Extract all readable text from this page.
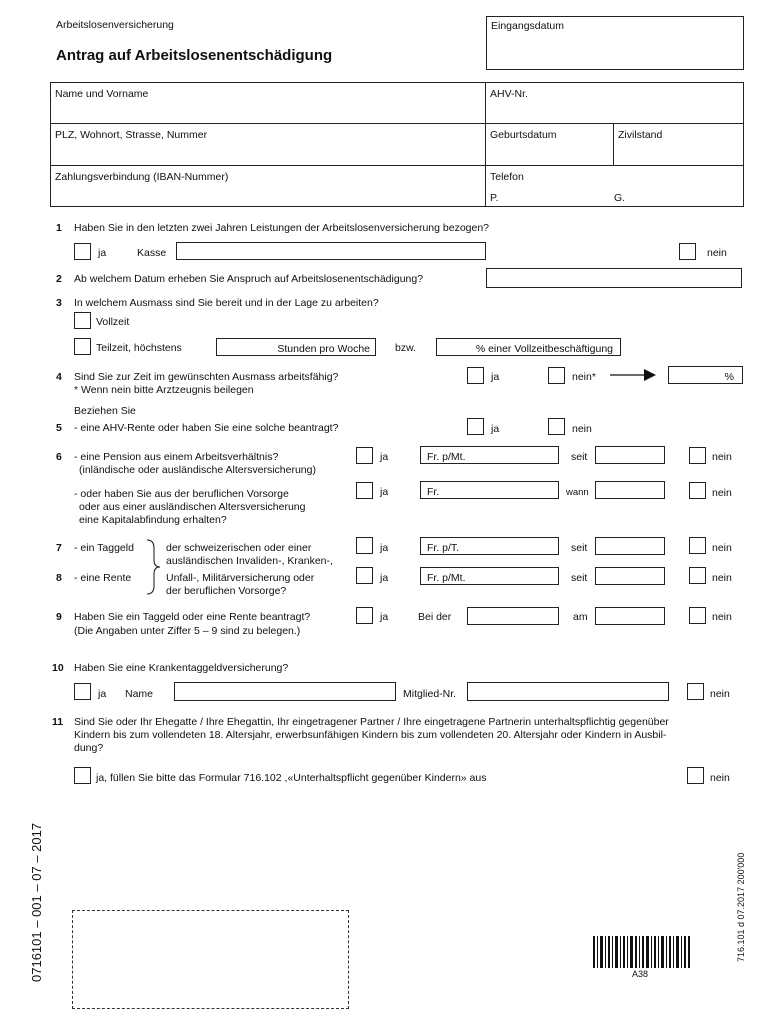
Arbeitslosenversicherung
Antrag auf Arbeitslosenentschädigung
Eingangsdatum
Name und Vorname	AHV-Nr.
PLZ, Wohnort, Strasse, Nummer	Geburtsdatum	Zivilstand
Zahlungsverbindung (IBAN-Nummer)	Telefon
P.	G.
1 Haben Sie in den letzten zwei Jahren Leistungen der Arbeitslosenversicherung bezogen?
ja	Kasse	nein
2 Ab welchem Datum erheben Sie Anspruch auf Arbeitslosenentschädigung?
3 In welchem Ausmass sind Sie bereit und in der Lage zu arbeiten?
Vollzeit
Teilzeit, höchstens	Stunden pro Woche bzw.	% einer Vollzeitbeschäftigung
4 Sind Sie zur Zeit im gewünschten Ausmass arbeitsfähig?
* Wenn nein bitte Arztzeugnis beilegen
ja	nein*	%
Beziehen Sie
5 - eine AHV-Rente oder haben Sie eine solche beantragt?	ja	nein
6 - eine Pension aus einem Arbeitsverhältnis?
(inländische oder ausländische Altersversicherung)
ja	Fr. p/Mt.	seit	nein
- oder haben Sie aus der beruflichen Vorsorge
oder aus einer ausländischen Altersversicherung
eine Kapitalabfindung erhalten?
ja	Fr.	wann	nein
7 - ein Taggeld
8 - eine Rente
der schweizerischen oder einer
ausländischen Invaliden-, Kranken-,
Unfall-, Militärversicherung oder
der beruflichen Vorsorge?
ja	Fr. p/T.	seit	nein
ja	Fr. p/Mt.	seit	nein
9 Haben Sie ein Taggeld oder eine Rente beantragt?
(Die Angaben unter Ziffer 5 – 9 sind zu belegen.)
ja	Bei der	am	nein
10 Haben Sie eine Krankentaggeldversicherung?
ja Name	Mitglied-Nr.	nein
11 Sind Sie oder Ihr Ehegatte / Ihre Ehegattin, Ihr eingetragener Partner / Ihre eingetragene Partnerin unterhaltspflichtig gegenüber
Kindern bis zum vollendeten 18. Altersjahr, erwerbsunfähigen Kindern bis zum vollendeten 20. Altersjahr oder Kindern in Ausbil-
dung?
ja, füllen Sie bitte das Formular 716.102 ,«Unterhaltspflicht gegenüber Kindern» aus	nein
0716101 – 001 – 07 – 2017	716.101 d 07.2017 200'000
A38
